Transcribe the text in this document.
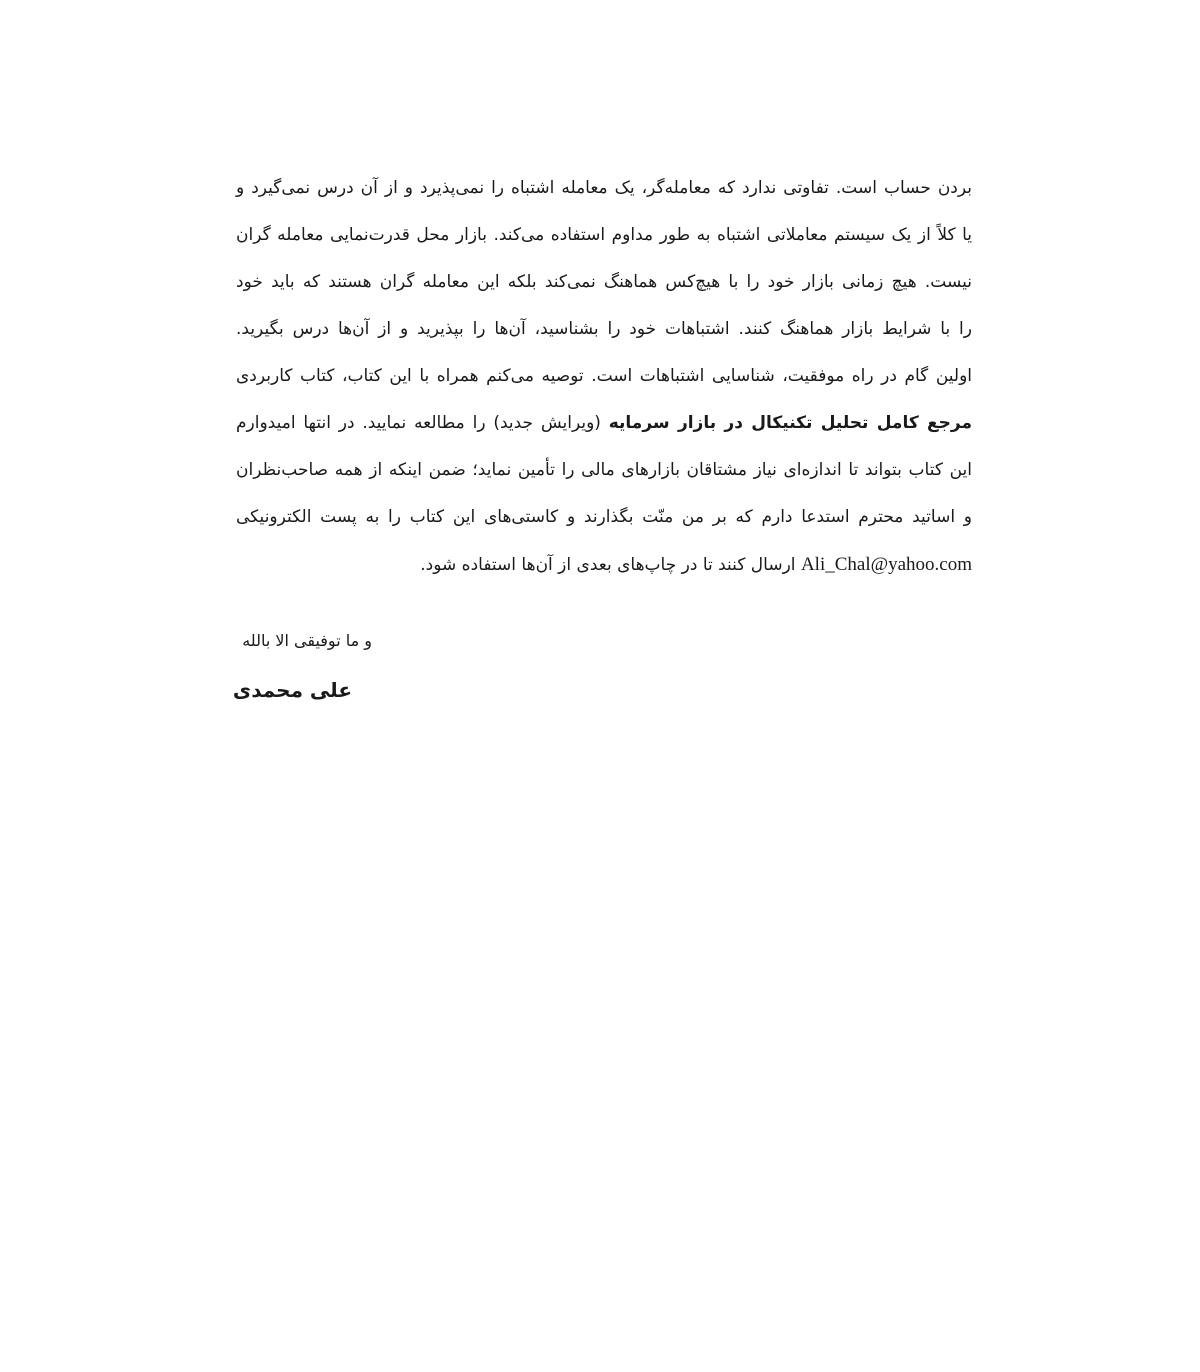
بردن حساب است. تفاوتی ندارد که معامله‌گر، یک معامله اشتباه را نمی‌پذیرد و از آن درس نمی‌گیرد و
یا کلاً از یک سیستم معاملاتی اشتباه به طور مداوم استفاده می‌کند. بازار محل قدرت‌نمایی معامله گران
نیست. هیچ زمانی بازار خود را با هیچ‌کس هماهنگ نمی‌کند بلکه این معامله گران هستند که باید خود
را با شرایط بازار هماهنگ کنند. اشتباهات خود را بشناسید، آن‌ها را بپذیرید و از آن‌ها درس بگیرید.
اولین گام در راه موفقیت، شناسایی اشتباهات است. توصیه می‌کنم همراه با این کتاب، کتاب کاربردی
مرجع کامل تحلیل تکنیکال در بازار سرمایه (ویرایش جدید) را مطالعه نمایید. در انتها امیدوارم
این کتاب بتواند تا اندازه‌ای نیاز مشتاقان بازارهای مالی را تأمین نماید؛ ضمن اینکه از همه صاحب‌نظران
و اساتید محترم استدعا دارم که بر من منّت بگذارند و کاستی‌های این کتاب را به پست الکترونیکی
Ali_Chal@yahoo.com ارسال کنند تا در چاپ‌های بعدی از آن‌ها استفاده شود.
و ما توفیقی الا بالله
علی محمدی
